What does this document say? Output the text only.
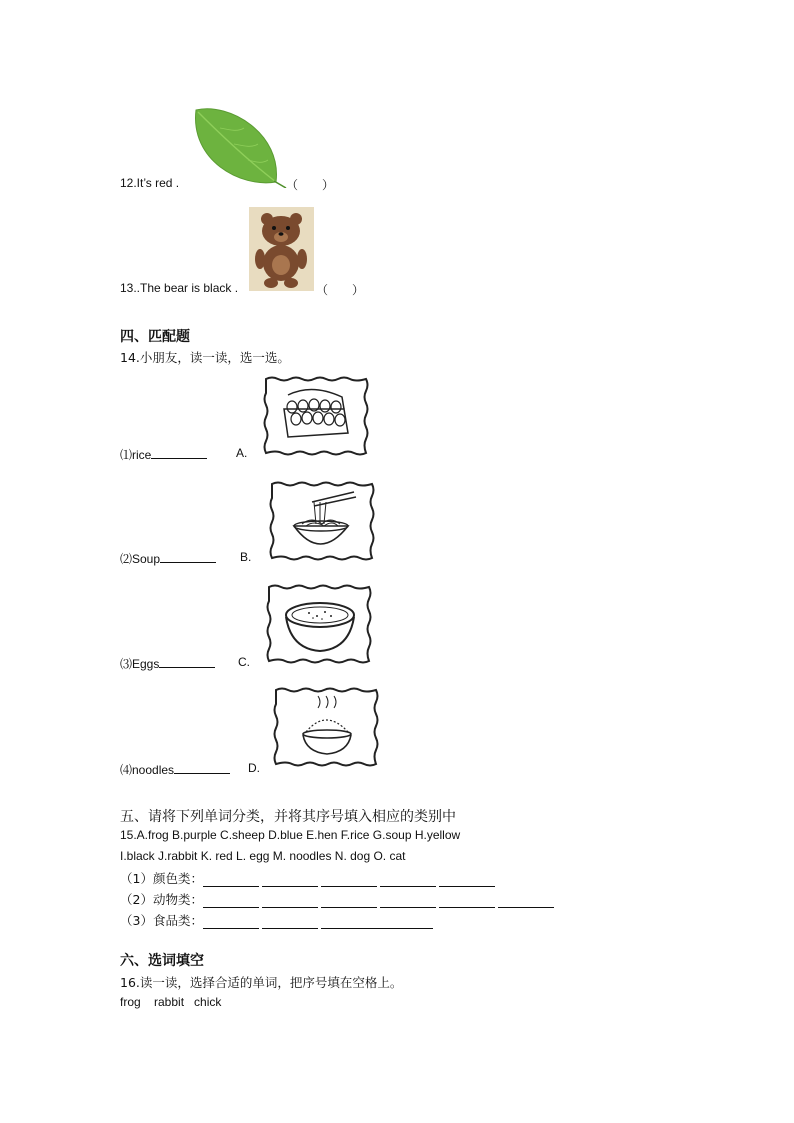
12.It’s red .	（　　）
13..The bear is black .	（　　）
四、匹配题
14.小朋友，读一读，选一选。
⑴rice	A.
⑵Soup	B.
⑶Eggs	C.
⑷noodles	D.
五、请将下列单词分类，并将其序号填入相应的类别中
15.A.frog B.purple C.sheep D.blue E.hen F.rice G.soup H.yellow
I.black J.rabbit K. red L. egg M. noodles N. dog O. cat
（1）颜色类：
（2）动物类：
（3）食品类：
六、选词填空
16.读一读，选择合适的单词，把序号填在空格上。
frog    rabbit   chick
